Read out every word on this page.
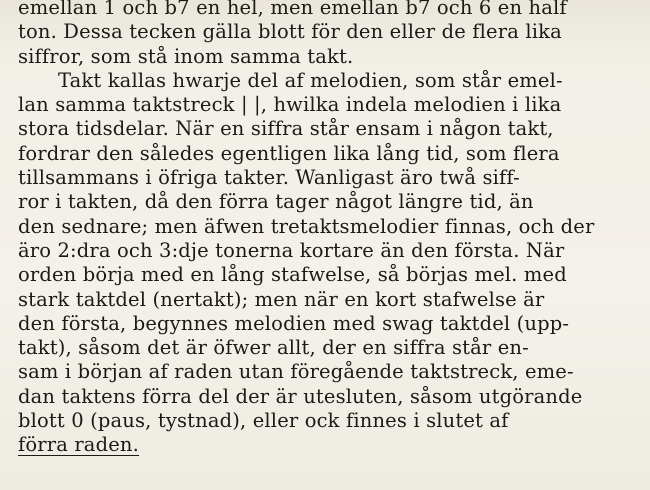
emellan 1 och b7 en hel, men emellan b7 och 6 en half
ton. Dessa tecken gälla blott för den eller de flera lika
siffror, som stå inom samma takt.
Takt kallas hwarje del af melodien, som står emel-
lan samma taktstreck | |, hwilka indela melodien i lika
stora tidsdelar. När en siffra står ensam i någon takt,
fordrar den således egentligen lika lång tid, som flera
tillsammans i öfriga takter. Wanligast äro twå siff-
ror i takten, då den förra tager något längre tid, än
den sednare; men äfwen tretaktsmelodier finnas, och der
äro 2:dra och 3:dje tonerna kortare än den första. När
orden börja med en lång stafwelse, så börjas mel. med
stark taktdel (nertakt); men när en kort stafwelse är
den första, begynnes melodien med swag taktdel (upp-
takt), såsom det är öfwer allt, der en siffra står en-
sam i början af raden utan föregående taktstreck, eme-
dan taktens förra del der är utesluten, såsom utgörande
blott 0 (paus, tystnad), eller ock finnes i slutet af
förra raden.
